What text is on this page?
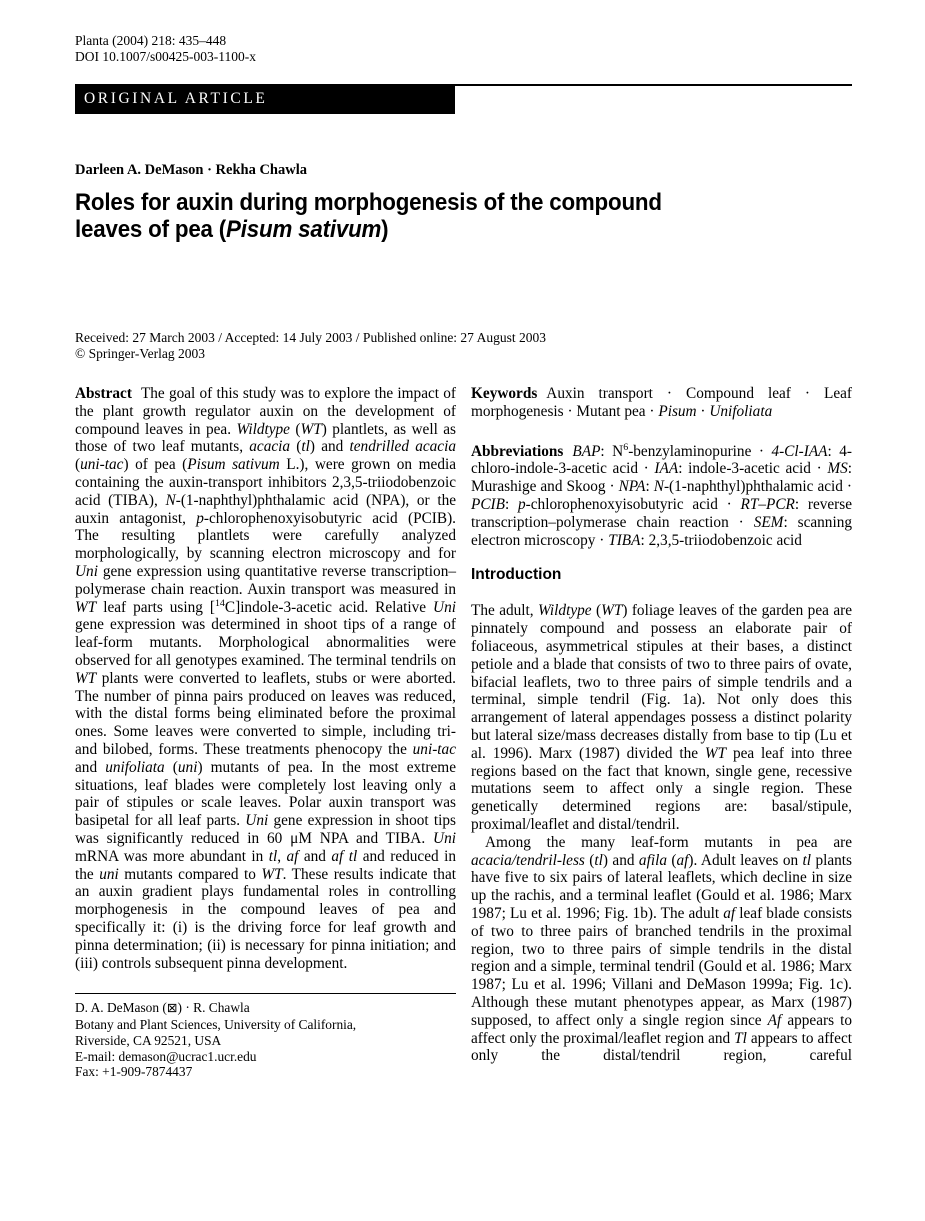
Planta (2004) 218: 435–448
DOI 10.1007/s00425-003-1100-x
ORIGINAL ARTICLE
Darleen A. DeMason · Rekha Chawla
Roles for auxin during morphogenesis of the compound
leaves of pea (Pisum sativum)
Received: 27 March 2003 / Accepted: 14 July 2003 / Published online: 27 August 2003
© Springer-Verlag 2003

Abstract The goal of this study was to explore the impact of the plant growth regulator auxin on the development of compound leaves in pea. Wildtype (WT) plantlets, as well as those of two leaf mutants, acacia (tl) and tendrilled acacia (uni-tac) of pea (Pisum sativum L.), were grown on media containing the auxin-transport inhibitors 2,3,5-triiodobenzoic acid (TIBA), N-(1-naphthyl)phthalamic acid (NPA), or the auxin antagonist, p-chlorophenoxyisobutyric acid (PCIB). The resulting plantlets were carefully analyzed morphologically, by scanning electron microscopy and for Uni gene expression using quantitative reverse transcription–polymerase chain reaction. Auxin transport was measured in WT leaf parts using [$^{14}$C]indole-3-acetic acid. Relative Uni gene expression was determined in shoot tips of a range of leaf-form mutants. Morphological abnormalities were observed for all genotypes examined. The terminal tendrils on WT plants were converted to leaflets, stubs or were aborted. The number of pinna pairs produced on leaves was reduced, with the distal forms being eliminated before the proximal ones. Some leaves were converted to simple, including tri- and bilobed, forms. These treatments phenocopy the uni-tac and unifoliata (uni) mutants of pea. In the most extreme situations, leaf blades were completely lost leaving only a pair of stipules or scale leaves. Polar auxin transport was basipetal for all leaf parts. Uni gene expression in shoot tips was significantly reduced in 60 μM NPA and TIBA. Uni mRNA was more abundant in tl, af and af tl and reduced in the uni mutants compared to WT. These results indicate that an auxin gradient plays fundamental roles in controlling morphogenesis in the compound leaves of pea and specifically it: (i) is the driving force for leaf growth and pinna determination; (ii) is necessary for pinna initiation; and (iii) controls subsequent pinna development.

D. A. DeMason (⊠) · R. Chawla
Botany and Plant Sciences, University of California,
Riverside, CA 92521, USA
E-mail: demason@ucrac1.ucr.edu
Fax: +1-909-7874437

Keywords Auxin transport · Compound leaf · Leaf morphogenesis · Mutant pea · Pisum · Unifoliata

Abbreviations BAP: $N^6$-benzylaminopurine · 4-Cl-IAA: 4-chloro-indole-3-acetic acid · IAA: indole-3-acetic acid · MS: Murashige and Skoog · NPA: N-(1-naphthyl)phthalamic acid · PCIB: p-chlorophenoxyisobutyric acid · RT–PCR: reverse transcription–polymerase chain reaction · SEM: scanning electron microscopy · TIBA: 2,3,5-triiodobenzoic acid

Introduction

The adult, Wildtype (WT) foliage leaves of the garden pea are pinnately compound and possess an elaborate pair of foliaceous, asymmetrical stipules at their bases, a distinct petiole and a blade that consists of two to three pairs of ovate, bifacial leaflets, two to three pairs of simple tendrils and a terminal, simple tendril (Fig. 1a). Not only does this arrangement of lateral appendages possess a distinct polarity but lateral size/mass decreases distally from base to tip (Lu et al. 1996). Marx (1987) divided the WT pea leaf into three regions based on the fact that known, single gene, recessive mutations seem to affect only a single region. These genetically determined regions are: basal/stipule, proximal/leaflet and distal/tendril.

Among the many leaf-form mutants in pea are acacia/tendril-less (tl) and afila (af). Adult leaves on tl plants have five to six pairs of lateral leaflets, which decline in size up the rachis, and a terminal leaflet (Gould et al. 1986; Marx 1987; Lu et al. 1996; Fig. 1b). The adult af leaf blade consists of two to three pairs of branched tendrils in the proximal region, two to three pairs of simple tendrils in the distal region and a simple, terminal tendril (Gould et al. 1986; Marx 1987; Lu et al. 1996; Villani and DeMason 1999a; Fig. 1c). Although these mutant phenotypes appear, as Marx (1987) supposed, to affect only a single region since Af appears to affect only the proximal/leaflet region and Tl appears to affect only the distal/tendril region, careful
